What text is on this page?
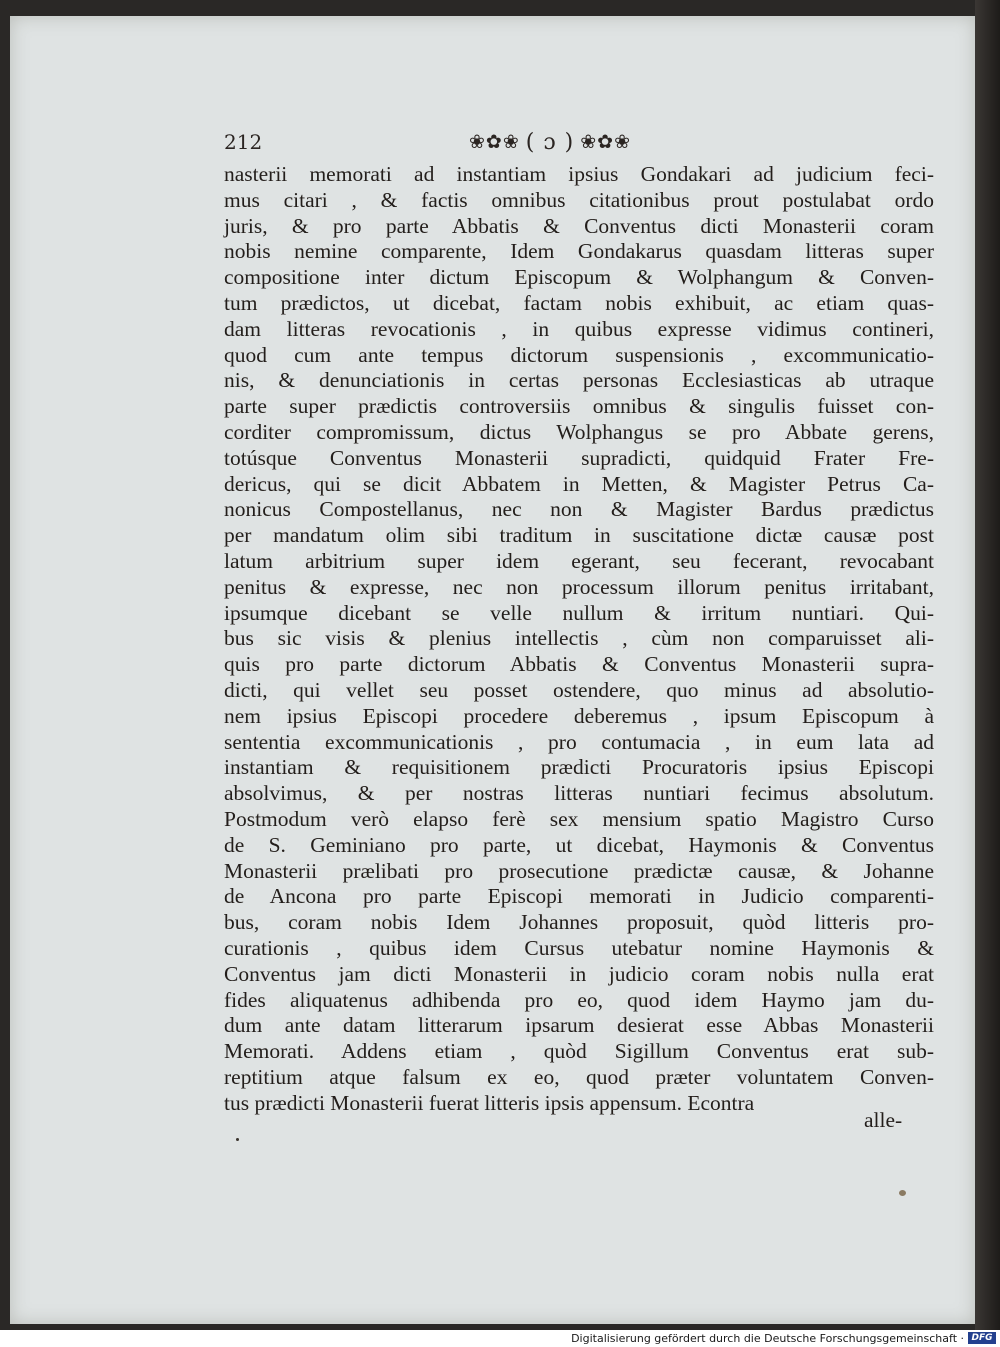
212	❀✿❀ ( ɔ ) ❀✿❀
nasterii memorati ad instantiam ipsius Gondakari ad judicium feci-
mus citari , & factis omnibus citationibus prout postulabat ordo
juris, & pro parte Abbatis & Conventus dicti Monasterii coram
nobis nemine comparente, Idem Gondakarus quasdam litteras super
compositione inter dictum Episcopum & Wolphangum & Conven-
tum prædictos, ut dicebat, factam nobis exhibuit, ac etiam quas-
dam litteras revocationis , in quibus expresse vidimus contineri,
quod cum ante tempus dictorum suspensionis , excommunicatio-
nis, & denunciationis in certas personas Ecclesiasticas ab utraque
parte super prædictis controversiis omnibus & singulis fuisset con-
corditer compromissum, dictus Wolphangus se pro Abbate gerens,
totúsque Conventus Monasterii supradicti, quidquid Frater Fre-
dericus, qui se dicit Abbatem in Metten, & Magister Petrus Ca-
nonicus Compostellanus, nec non & Magister Bardus prædictus
per mandatum olim sibi traditum in suscitatione dictæ causæ post
latum arbitrium super idem egerant, seu fecerant, revocabant
penitus & expresse, nec non processum illorum penitus irritabant,
ipsumque dicebant se velle nullum & irritum nuntiari. Qui-
bus sic visis & plenius intellectis , cùm non comparuisset ali-
quis pro parte dictorum Abbatis & Conventus Monasterii supra-
dicti, qui vellet seu posset ostendere, quo minus ad absolutio-
nem ipsius Episcopi procedere deberemus , ipsum Episcopum à
sententia excommunicationis , pro contumacia , in eum lata ad
instantiam & requisitionem prædicti Procuratoris ipsius Episcopi
absolvimus, & per nostras litteras nuntiari fecimus absolutum.
Postmodum verò elapso ferè sex mensium spatio Magistro Curso
de S. Geminiano pro parte, ut dicebat, Haymonis & Conventus
Monasterii prælibati pro prosecutione prædictæ causæ, & Johanne
de Ancona pro parte Episcopi memorati in Judicio comparenti-
bus, coram nobis Idem Johannes proposuit, quòd litteris pro-
curationis , quibus idem Cursus utebatur nomine Haymonis &
Conventus jam dicti Monasterii in judicio coram nobis nulla erat
fides aliquatenus adhibenda pro eo, quod idem Haymo jam du-
dum ante datam litterarum ipsarum desierat esse Abbas Monasterii
Memorati. Addens etiam , quòd Sigillum Conventus erat sub-
reptitium atque falsum ex eo, quod præter voluntatem Conven-
tus prædicti Monasterii fuerat litteris ipsis appensum. Econtra
alle-
Digitalisierung gefördert durch die Deutsche Forschungsgemeinschaft · DFG
